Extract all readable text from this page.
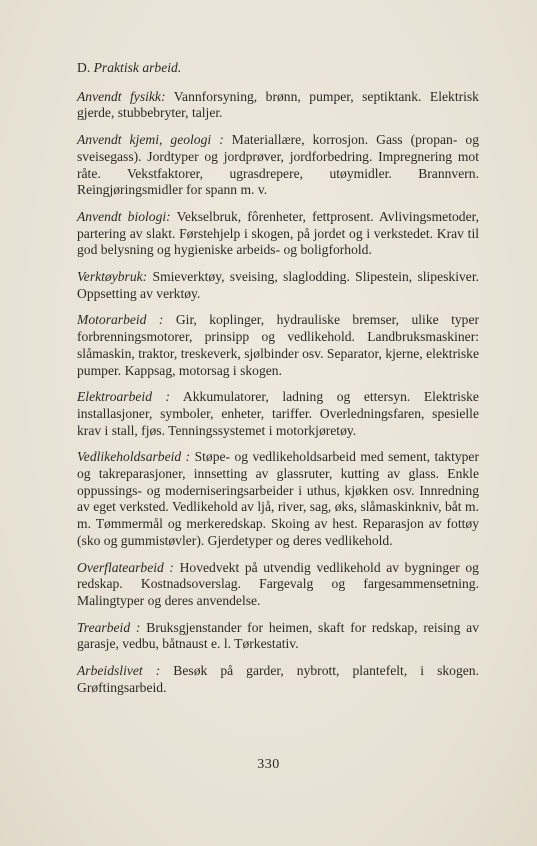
D. Praktisk arbeid.

Anvendt fysikk: Vannforsyning, brønn, pumper, septiktank. Elektrisk gjerde, stubbebryter, taljer.

Anvendt kjemi, geologi : Materiallære, korrosjon. Gass (propan- og sveisegass). Jordtyper og jordprøver, jordforbedring. Impregnering mot råte. Vekstfaktorer, ugrasdrepere, utøymidler. Brannvern. Reingjøringsmidler for spann m. v.

Anvendt biologi: Vekselbruk, fôrenheter, fettprosent. Avlivingsmetoder, partering av slakt. Førstehjelp i skogen, på jordet og i verkstedet. Krav til god belysning og hygieniske arbeids- og boligforhold.

Verktøybruk: Smieverktøy, sveising, slaglodding. Slipestein, slipeskiver. Oppsetting av verktøy.

Motorarbeid : Gir, koplinger, hydrauliske bremser, ulike typer forbrenningsmotorer, prinsipp og vedlikehold. Landbruksmaskiner: slåmaskin, traktor, treskeverk, sjølbinder osv. Separator, kjerne, elektriske pumper. Kappsag, motorsag i skogen.

Elektroarbeid : Akkumulatorer, ladning og ettersyn. Elektriske installasjoner, symboler, enheter, tariffer. Overledningsfaren, spesielle krav i stall, fjøs. Tenningssystemet i motorkjøretøy.

Vedlikeholdsarbeid : Støpe- og vedlikeholdsarbeid med sement, taktyper og takreparasjoner, innsetting av glassruter, kutting av glass. Enkle oppussings- og moderniseringsarbeider i uthus, kjøkken osv. Innredning av eget verksted. Vedlikehold av ljå, river, sag, øks, slåmaskinkniv, båt m. m. Tømmermål og merkeredskap. Skoing av hest. Reparasjon av fottøy (sko og gummistøvler). Gjerdetyper og deres vedlikehold.

Overflatearbeid : Hovedvekt på utvendig vedlikehold av bygninger og redskap. Kostnadsoverslag. Fargevalg og fargesammensetning. Malingtyper og deres anvendelse.

Trearbeid : Bruksgjenstander for heimen, skaft for redskap, reising av garasje, vedbu, båtnaust e. l. Tørkestativ.

Arbeidslivet : Besøk på garder, nybrott, plantefelt, i skogen. Grøftingsarbeid.

330
